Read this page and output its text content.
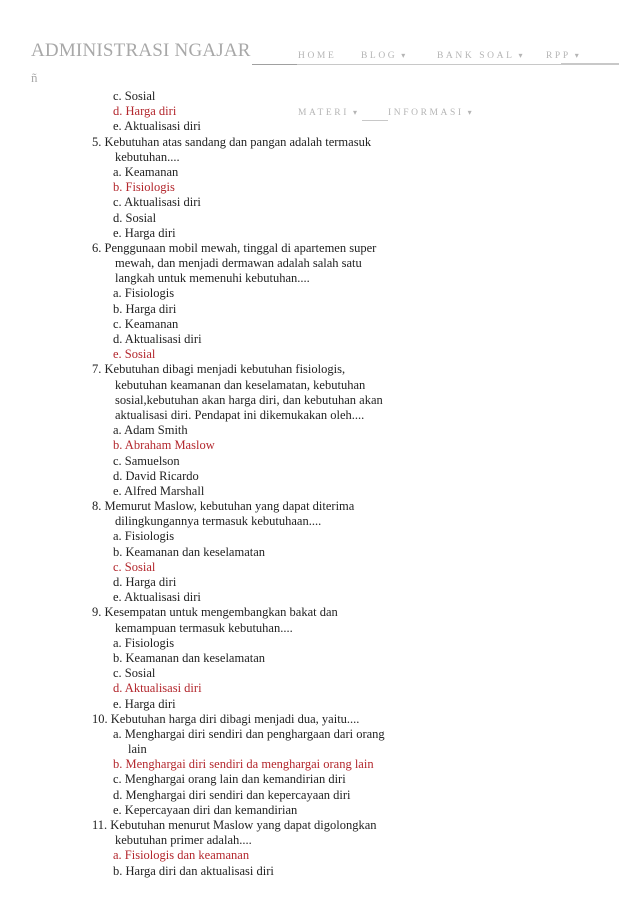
ADMINISTRASI NGAJAR
ñ
HOME	BLOG ▾	BANK SOAL ▾ RPP ▾
MATERI ▾	INFORMASI ▾
c. Sosial
d. Harga diri
e. Aktualisasi diri
5. Kebutuhan atas sandang dan pangan adalah termasuk
kebutuhan....
a. Keamanan
b. Fisiologis
c. Aktualisasi diri
d. Sosial
e. Harga diri
6. Penggunaan mobil mewah, tinggal di apartemen super
mewah, dan menjadi dermawan adalah salah satu
langkah untuk memenuhi kebutuhan....
a. Fisiologis
b. Harga diri
c. Keamanan
d. Aktualisasi diri
e. Sosial
7. Kebutuhan dibagi menjadi kebutuhan fisiologis,
kebutuhan keamanan dan keselamatan, kebutuhan
sosial,kebutuhan akan harga diri, dan kebutuhan akan
aktualisasi diri. Pendapat ini dikemukakan oleh....
a. Adam Smith
b. Abraham Maslow
c. Samuelson
d. David Ricardo
e. Alfred Marshall
8. Memurut Maslow, kebutuhan yang dapat diterima
dilingkungannya termasuk kebutuhaan....
a. Fisiologis
b. Keamanan dan keselamatan
c. Sosial
d. Harga diri
e. Aktualisasi diri
9. Kesempatan untuk mengembangkan bakat dan
kemampuan termasuk kebutuhan....
a. Fisiologis
b. Keamanan dan keselamatan
c. Sosial
d. Aktualisasi diri
e. Harga diri
10. Kebutuhan harga diri dibagi menjadi dua, yaitu....
a. Menghargai diri sendiri dan penghargaan dari orang
lain
b. Menghargai diri sendiri da menghargai orang lain
c. Menghargai orang lain dan kemandirian diri
d. Menghargai diri sendiri dan kepercayaan diri
e. Kepercayaan diri dan kemandirian
11. Kebutuhan menurut Maslow yang dapat digolongkan
kebutuhan primer adalah....
a. Fisiologis dan keamanan
b. Harga diri dan aktualisasi diri
